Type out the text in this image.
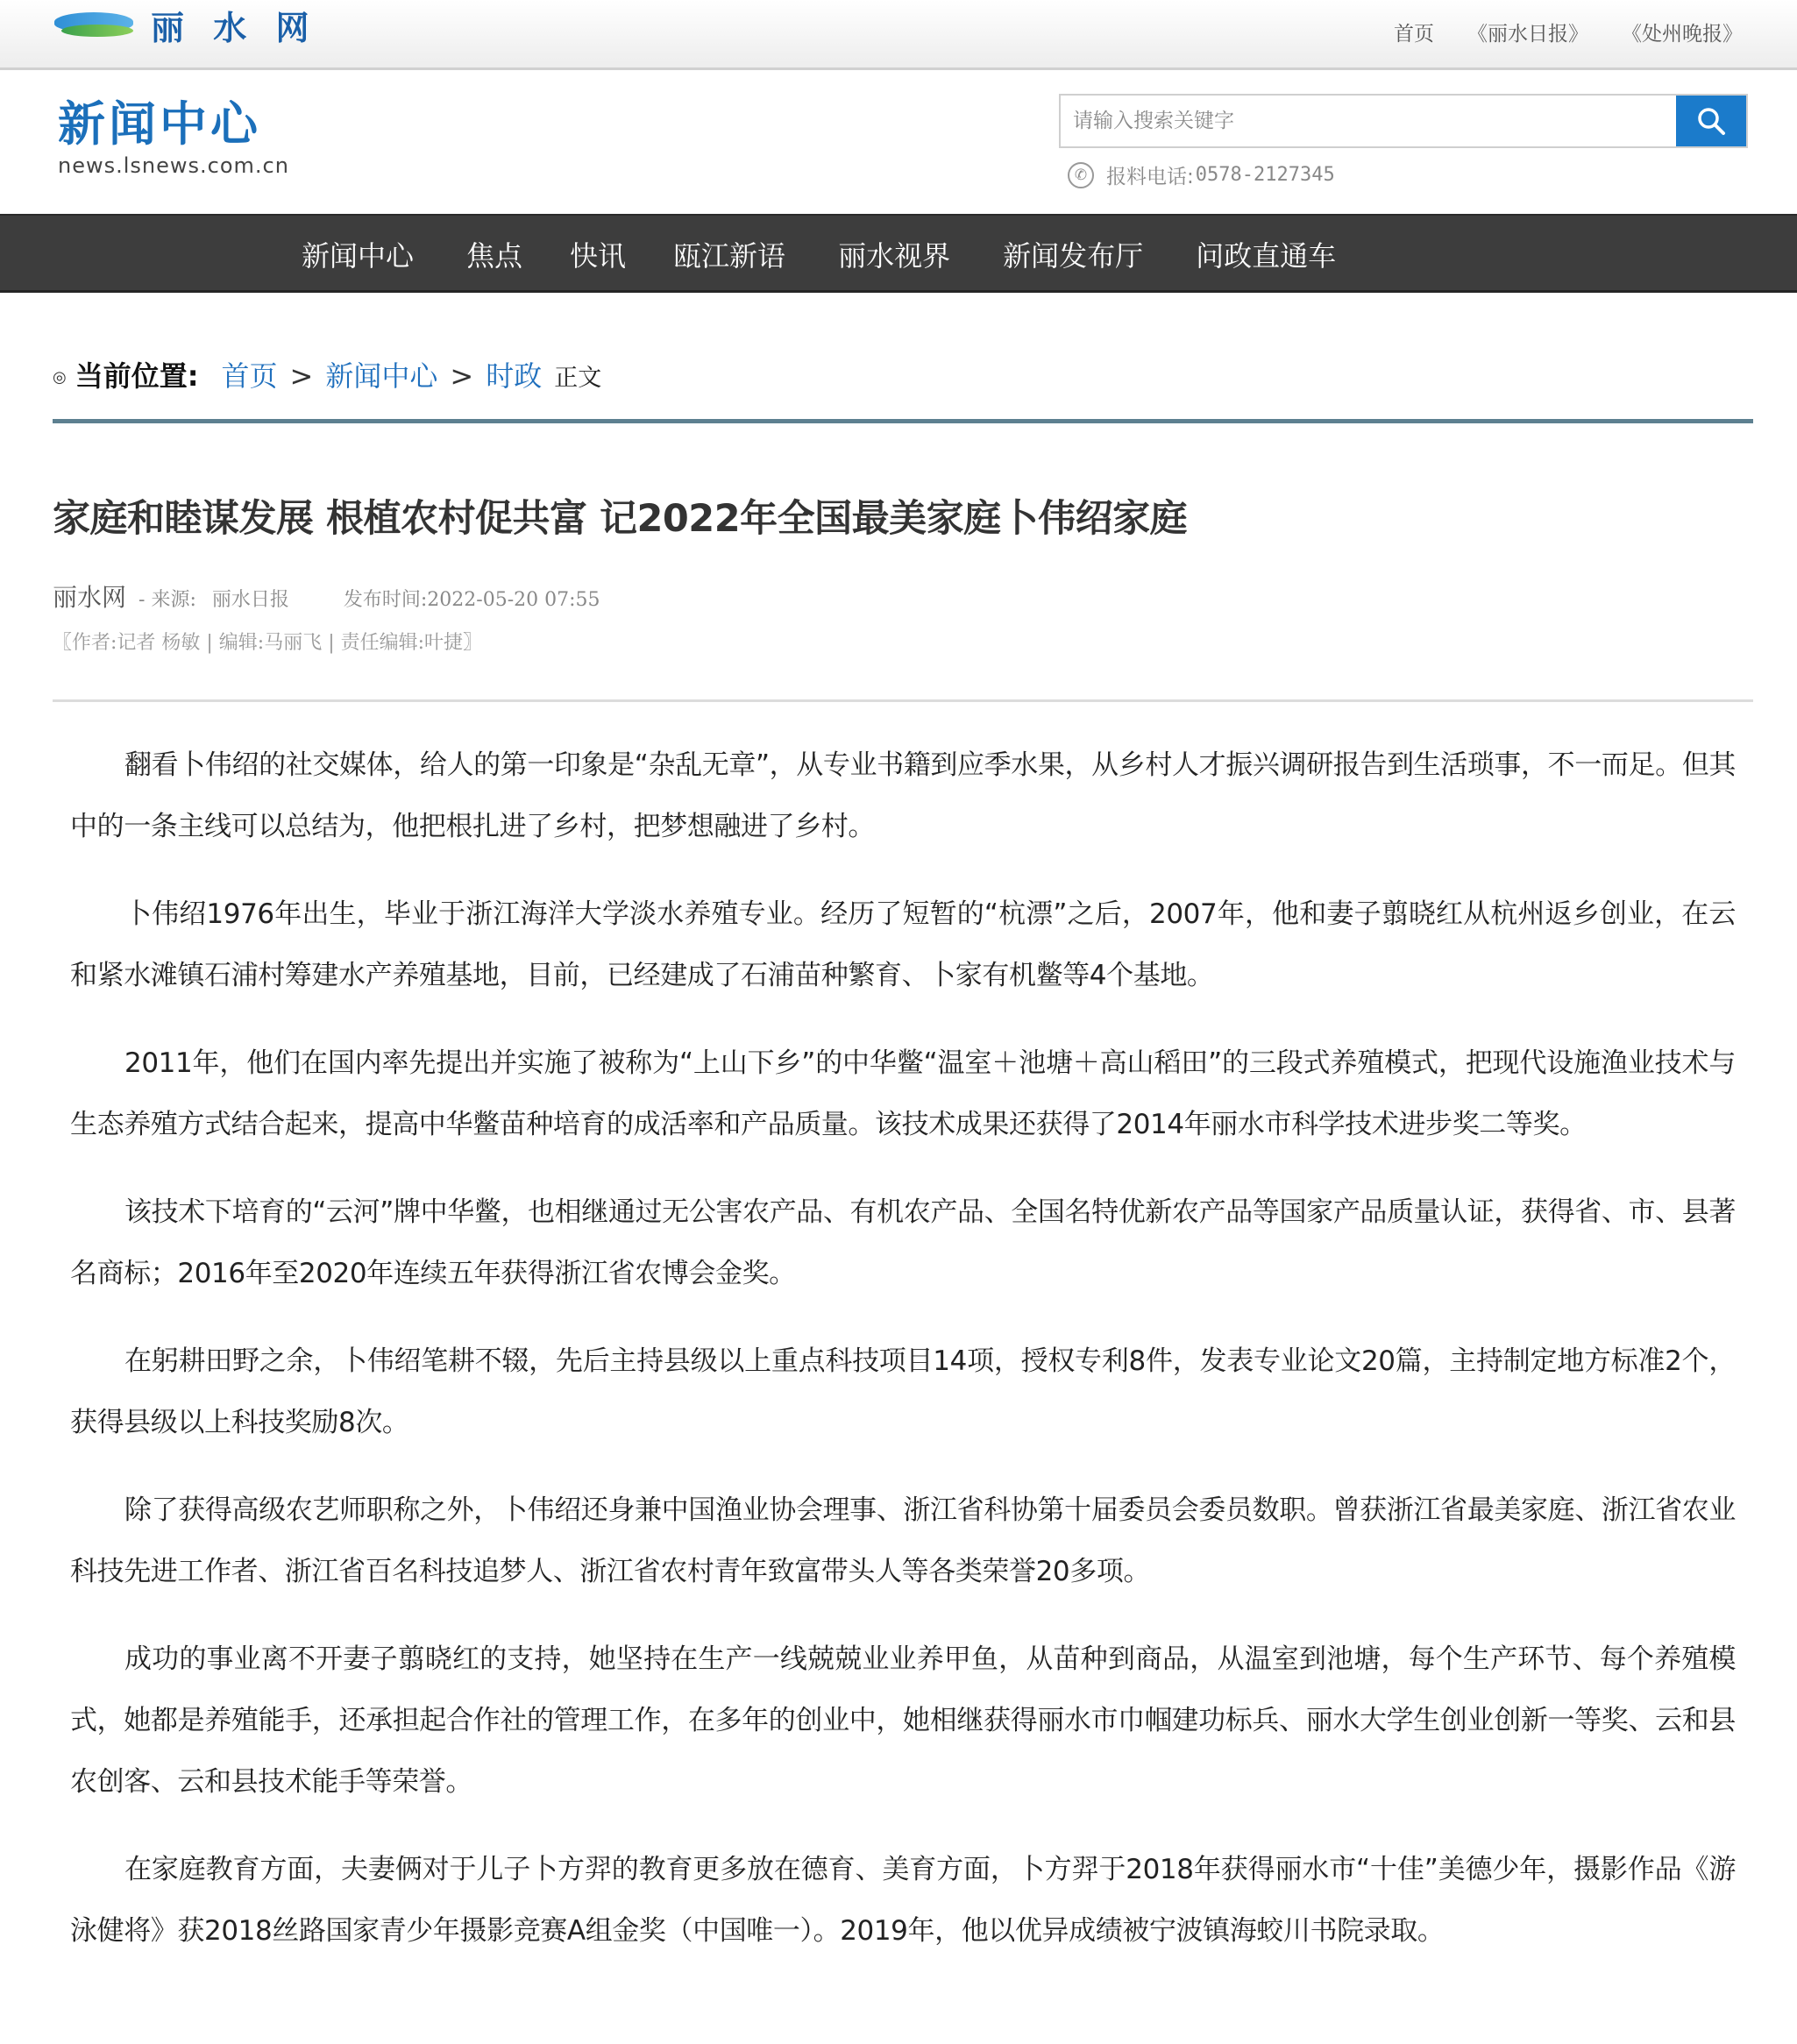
丽 水 网	首页 《丽水日报》 《处州晚报》
新闻中心
news.lsnews.com.cn
请输入搜索关键字	✆ 报料电话: 0578-2127345
新闻中心 焦点 快讯 瓯江新语 丽水视界 新闻发布厅 问政直通车
◎ 当前位置: 首页 > 新闻中心 > 时政 正文
家庭和睦谋发展 根植农村促共富 记2022年全国最美家庭卜伟绍家庭
丽水网 - 来源: 丽水日报	发布时间:2022-05-20 07:55
〖作者:记者 杨敏 | 编辑:马丽飞 | 责任编辑:叶捷〗

翻看卜伟绍的社交媒体，给人的第一印象是“杂乱无章”，从专业书籍到应季水果，从乡村人才振兴调研报告到生活琐事，不一而足。但其中的一条主线可以总结为，他把根扎进了乡村，把梦想融进了乡村。

卜伟绍1976年出生，毕业于浙江海洋大学淡水养殖专业。经历了短暂的“杭漂”之后，2007年，他和妻子翦晓红从杭州返乡创业，在云和紧水滩镇石浦村筹建水产养殖基地，目前，已经建成了石浦苗种繁育、卜家有机鳖等4个基地。

2011年，他们在国内率先提出并实施了被称为“上山下乡”的中华鳖“温室＋池塘＋高山稻田”的三段式养殖模式，把现代设施渔业技术与生态养殖方式结合起来，提高中华鳖苗种培育的成活率和产品质量。该技术成果还获得了2014年丽水市科学技术进步奖二等奖。

该技术下培育的“云河”牌中华鳖，也相继通过无公害农产品、有机农产品、全国名特优新农产品等国家产品质量认证，获得省、市、县著名商标；2016年至2020年连续五年获得浙江省农博会金奖。

在躬耕田野之余，卜伟绍笔耕不辍，先后主持县级以上重点科技项目14项，授权专利8件，发表专业论文20篇，主持制定地方标准2个，获得县级以上科技奖励8次。

除了获得高级农艺师职称之外，卜伟绍还身兼中国渔业协会理事、浙江省科协第十届委员会委员数职。曾获浙江省最美家庭、浙江省农业科技先进工作者、浙江省百名科技追梦人、浙江省农村青年致富带头人等各类荣誉20多项。

成功的事业离不开妻子翦晓红的支持，她坚持在生产一线兢兢业业养甲鱼，从苗种到商品，从温室到池塘，每个生产环节、每个养殖模式，她都是养殖能手，还承担起合作社的管理工作，在多年的创业中，她相继获得丽水市巾帼建功标兵、丽水大学生创业创新一等奖、云和县农创客、云和县技术能手等荣誉。

在家庭教育方面，夫妻俩对于儿子卜方羿的教育更多放在德育、美育方面，卜方羿于2018年获得丽水市“十佳”美德少年，摄影作品《游泳健将》获2018丝路国家青少年摄影竞赛A组金奖（中国唯一）。2019年，他以优异成绩被宁波镇海蛟川书院录取。
